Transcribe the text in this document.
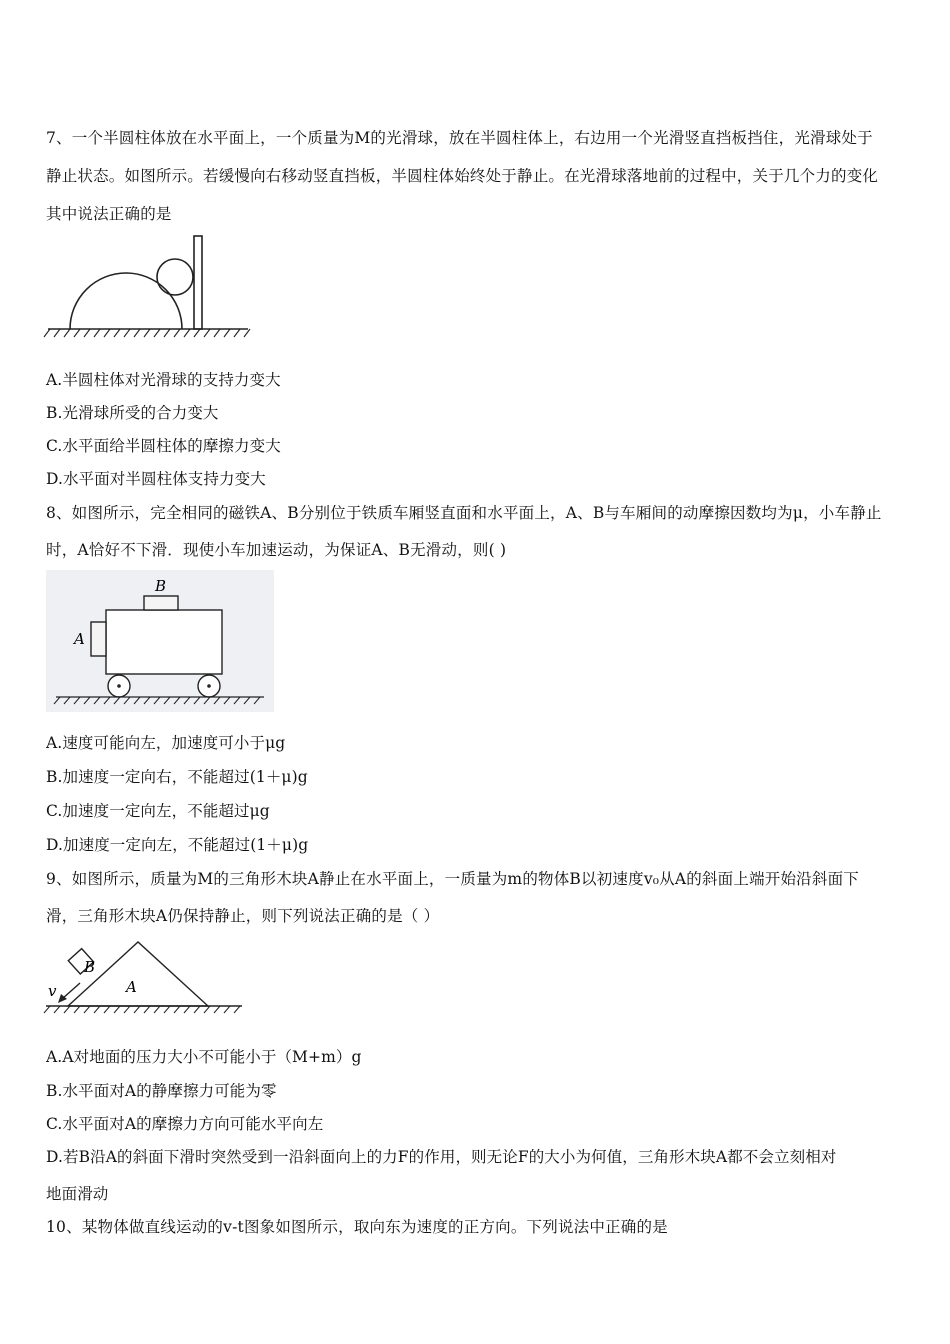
7、一个半圆柱体放在水平面上，一个质量为M的光滑球，放在半圆柱体上，右边用一个光滑竖直挡板挡住，光滑球处于
静止状态。如图所示。若缓慢向右移动竖直挡板，半圆柱体始终处于静止。在光滑球落地前的过程中，关于几个力的变化
其中说法正确的是
A.半圆柱体对光滑球的支持力变大
B.光滑球所受的合力变大
C.水平面给半圆柱体的摩擦力变大
D.水平面对半圆柱体支持力变大
8、如图所示，完全相同的磁铁A、B分别位于铁质车厢竖直面和水平面上，A、B与车厢间的动摩擦因数均为μ，小车静止
时，A恰好不下滑．现使小车加速运动，为保证A、B无滑动，则( )
B
A
A.速度可能向左，加速度可小于μg
B.加速度一定向右，不能超过(1＋μ)g
C.加速度一定向左，不能超过μg
D.加速度一定向左，不能超过(1＋μ)g
9、如图所示，质量为M的三角形木块A静止在水平面上，一质量为m的物体B以初速度v₀从A的斜面上端开始沿斜面下
滑，三角形木块A仍保持静止，则下列说法正确的是（ ）
B
A
v
A.A对地面的压力大小不可能小于（M+m）g
B.水平面对A的静摩擦力可能为零
C.水平面对A的摩擦力方向可能水平向左
D.若B沿A的斜面下滑时突然受到一沿斜面向上的力F的作用，则无论F的大小为何值，三角形木块A都不会立刻相对
地面滑动
10、某物体做直线运动的v-t图象如图所示，取向东为速度的正方向。下列说法中正确的是
